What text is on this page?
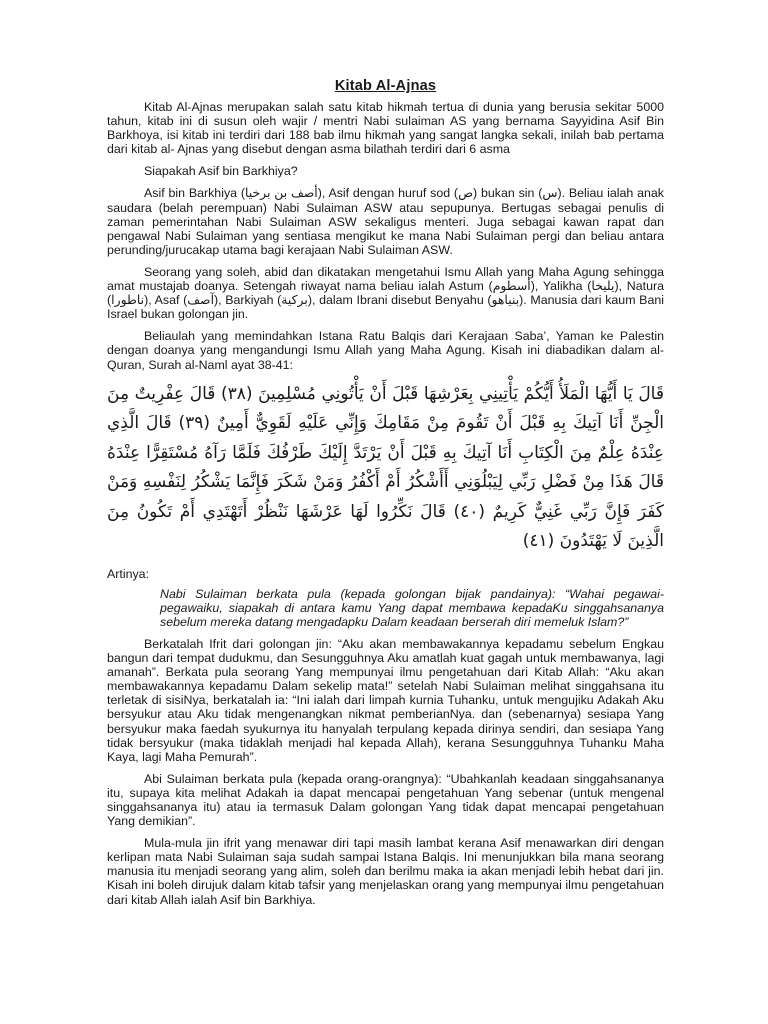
Kitab Al-Ajnas

Kitab Al-Ajnas merupakan salah satu kitab hikmah tertua di dunia yang berusia sekitar 5000 tahun, kitab ini di susun oleh wajir / mentri Nabi sulaiman AS yang bernama Sayyidina Asif Bin Barkhoya, isi kitab ini terdiri dari 188 bab ilmu hikmah yang sangat langka sekali, inilah bab pertama dari kitab al- Ajnas yang disebut dengan asma bilathah terdiri dari 6 asma

Siapakah Asif bin Barkhiya?

Asif bin Barkhiya (أصف بن برخيا), Asif dengan huruf sod (ص) bukan sin (س). Beliau ialah anak saudara (belah perempuan) Nabi Sulaiman ASW atau sepupunya. Bertugas sebagai penulis di zaman pemerintahan Nabi Sulaiman ASW sekaligus menteri. Juga sebagai kawan rapat dan pengawal Nabi Sulaiman yang sentiasa mengikut ke mana Nabi Sulaiman pergi dan beliau antara perunding/jurucakap utama bagi kerajaan Nabi Sulaiman ASW.

Seorang yang soleh, abid dan dikatakan mengetahui Ismu Allah yang Maha Agung sehingga amat mustajab doanya. Setengah riwayat nama beliau ialah Astum (أسطوم), Yalikha (يليخا), Natura (ناطورا), Asaf (آصف), Barkiyah (بركية), dalam Ibrani disebut Benyahu (بنياهو). Manusia dari kaum Bani Israel bukan golongan jin.

Beliaulah yang memindahkan Istana Ratu Balqis dari Kerajaan Saba’, Yaman ke Palestin dengan doanya yang mengandungi Ismu Allah yang Maha Agung. Kisah ini diabadikan dalam al-Quran, Surah al-Naml ayat 38-41:

قَالَ يَا أَيُّهَا الْمَلَأُ أَيُّكُمْ يَأْتِينِي بِعَرْشِهَا قَبْلَ أَنْ يَأْتُونِي مُسْلِمِينَ (٣٨) قَالَ عِفْرِيتٌ مِنَ الْجِنِّ أَنَا آتِيكَ بِهِ قَبْلَ أَنْ تَقُومَ مِنْ مَقَامِكَ وَإِنِّي عَلَيْهِ لَقَوِيٌّ أَمِينٌ (٣٩) قَالَ الَّذِي عِنْدَهُ عِلْمٌ مِنَ الْكِتَابِ أَنَا آتِيكَ بِهِ قَبْلَ أَنْ يَرْتَدَّ إِلَيْكَ طَرْفُكَ فَلَمَّا رَآهُ مُسْتَقِرًّا عِنْدَهُ قَالَ هَذَا مِنْ فَضْلِ رَبِّي لِيَبْلُوَنِي أَأَشْكُرُ أَمْ أَكْفُرُ وَمَنْ شَكَرَ فَإِنَّمَا يَشْكُرُ لِنَفْسِهِ وَمَنْ كَفَرَ فَإِنَّ رَبِّي غَنِيٌّ كَرِيمٌ (٤٠) قَالَ نَكِّرُوا لَهَا عَرْشَهَا نَنْظُرْ أَتَهْتَدِي أَمْ تَكُونُ مِنَ الَّذِينَ لَا يَهْتَدُونَ (٤١)

Artinya:

Nabi Sulaiman berkata pula (kepada golongan bijak pandainya): “Wahai pegawai-pegawaiku, siapakah di antara kamu Yang dapat membawa kepadaKu singgahsananya sebelum mereka datang mengadapku Dalam keadaan berserah diri memeluk Islam?”

Berkatalah Ifrit dari golongan jin: “Aku akan membawakannya kepadamu sebelum Engkau bangun dari tempat dudukmu, dan Sesungguhnya Aku amatlah kuat gagah untuk membawanya, lagi amanah”. Berkata pula seorang Yang mempunyai ilmu pengetahuan dari Kitab Allah: “Aku akan membawakannya kepadamu Dalam sekelip mata!” setelah Nabi Sulaiman melihat singgahsana itu terletak di sisiNya, berkatalah ia: “Ini ialah dari limpah kurnia Tuhanku, untuk mengujiku Adakah Aku bersyukur atau Aku tidak mengenangkan nikmat pemberianNya. dan (sebenarnya) sesiapa Yang bersyukur maka faedah syukurnya itu hanyalah terpulang kepada dirinya sendiri, dan sesiapa Yang tidak bersyukur (maka tidaklah menjadi hal kepada Allah), kerana Sesungguhnya Tuhanku Maha Kaya, lagi Maha Pemurah”.

Abi Sulaiman berkata pula (kepada orang-orangnya): “Ubahkanlah keadaan singgahsananya itu, supaya kita melihat Adakah ia dapat mencapai pengetahuan Yang sebenar (untuk mengenal singgahsananya itu) atau ia termasuk Dalam golongan Yang tidak dapat mencapai pengetahuan Yang demikian”.

Mula-mula jin ifrit yang menawar diri tapi masih lambat kerana Asif menawarkan diri dengan kerlipan mata Nabi Sulaiman saja sudah sampai Istana Balqis. Ini menunjukkan bila mana seorang manusia itu menjadi seorang yang alim, soleh dan berilmu maka ia akan menjadi lebih hebat dari jin. Kisah ini boleh dirujuk dalam kitab tafsir yang menjelaskan orang yang mempunyai ilmu pengetahuan dari kitab Allah ialah Asif bin Barkhiya.
